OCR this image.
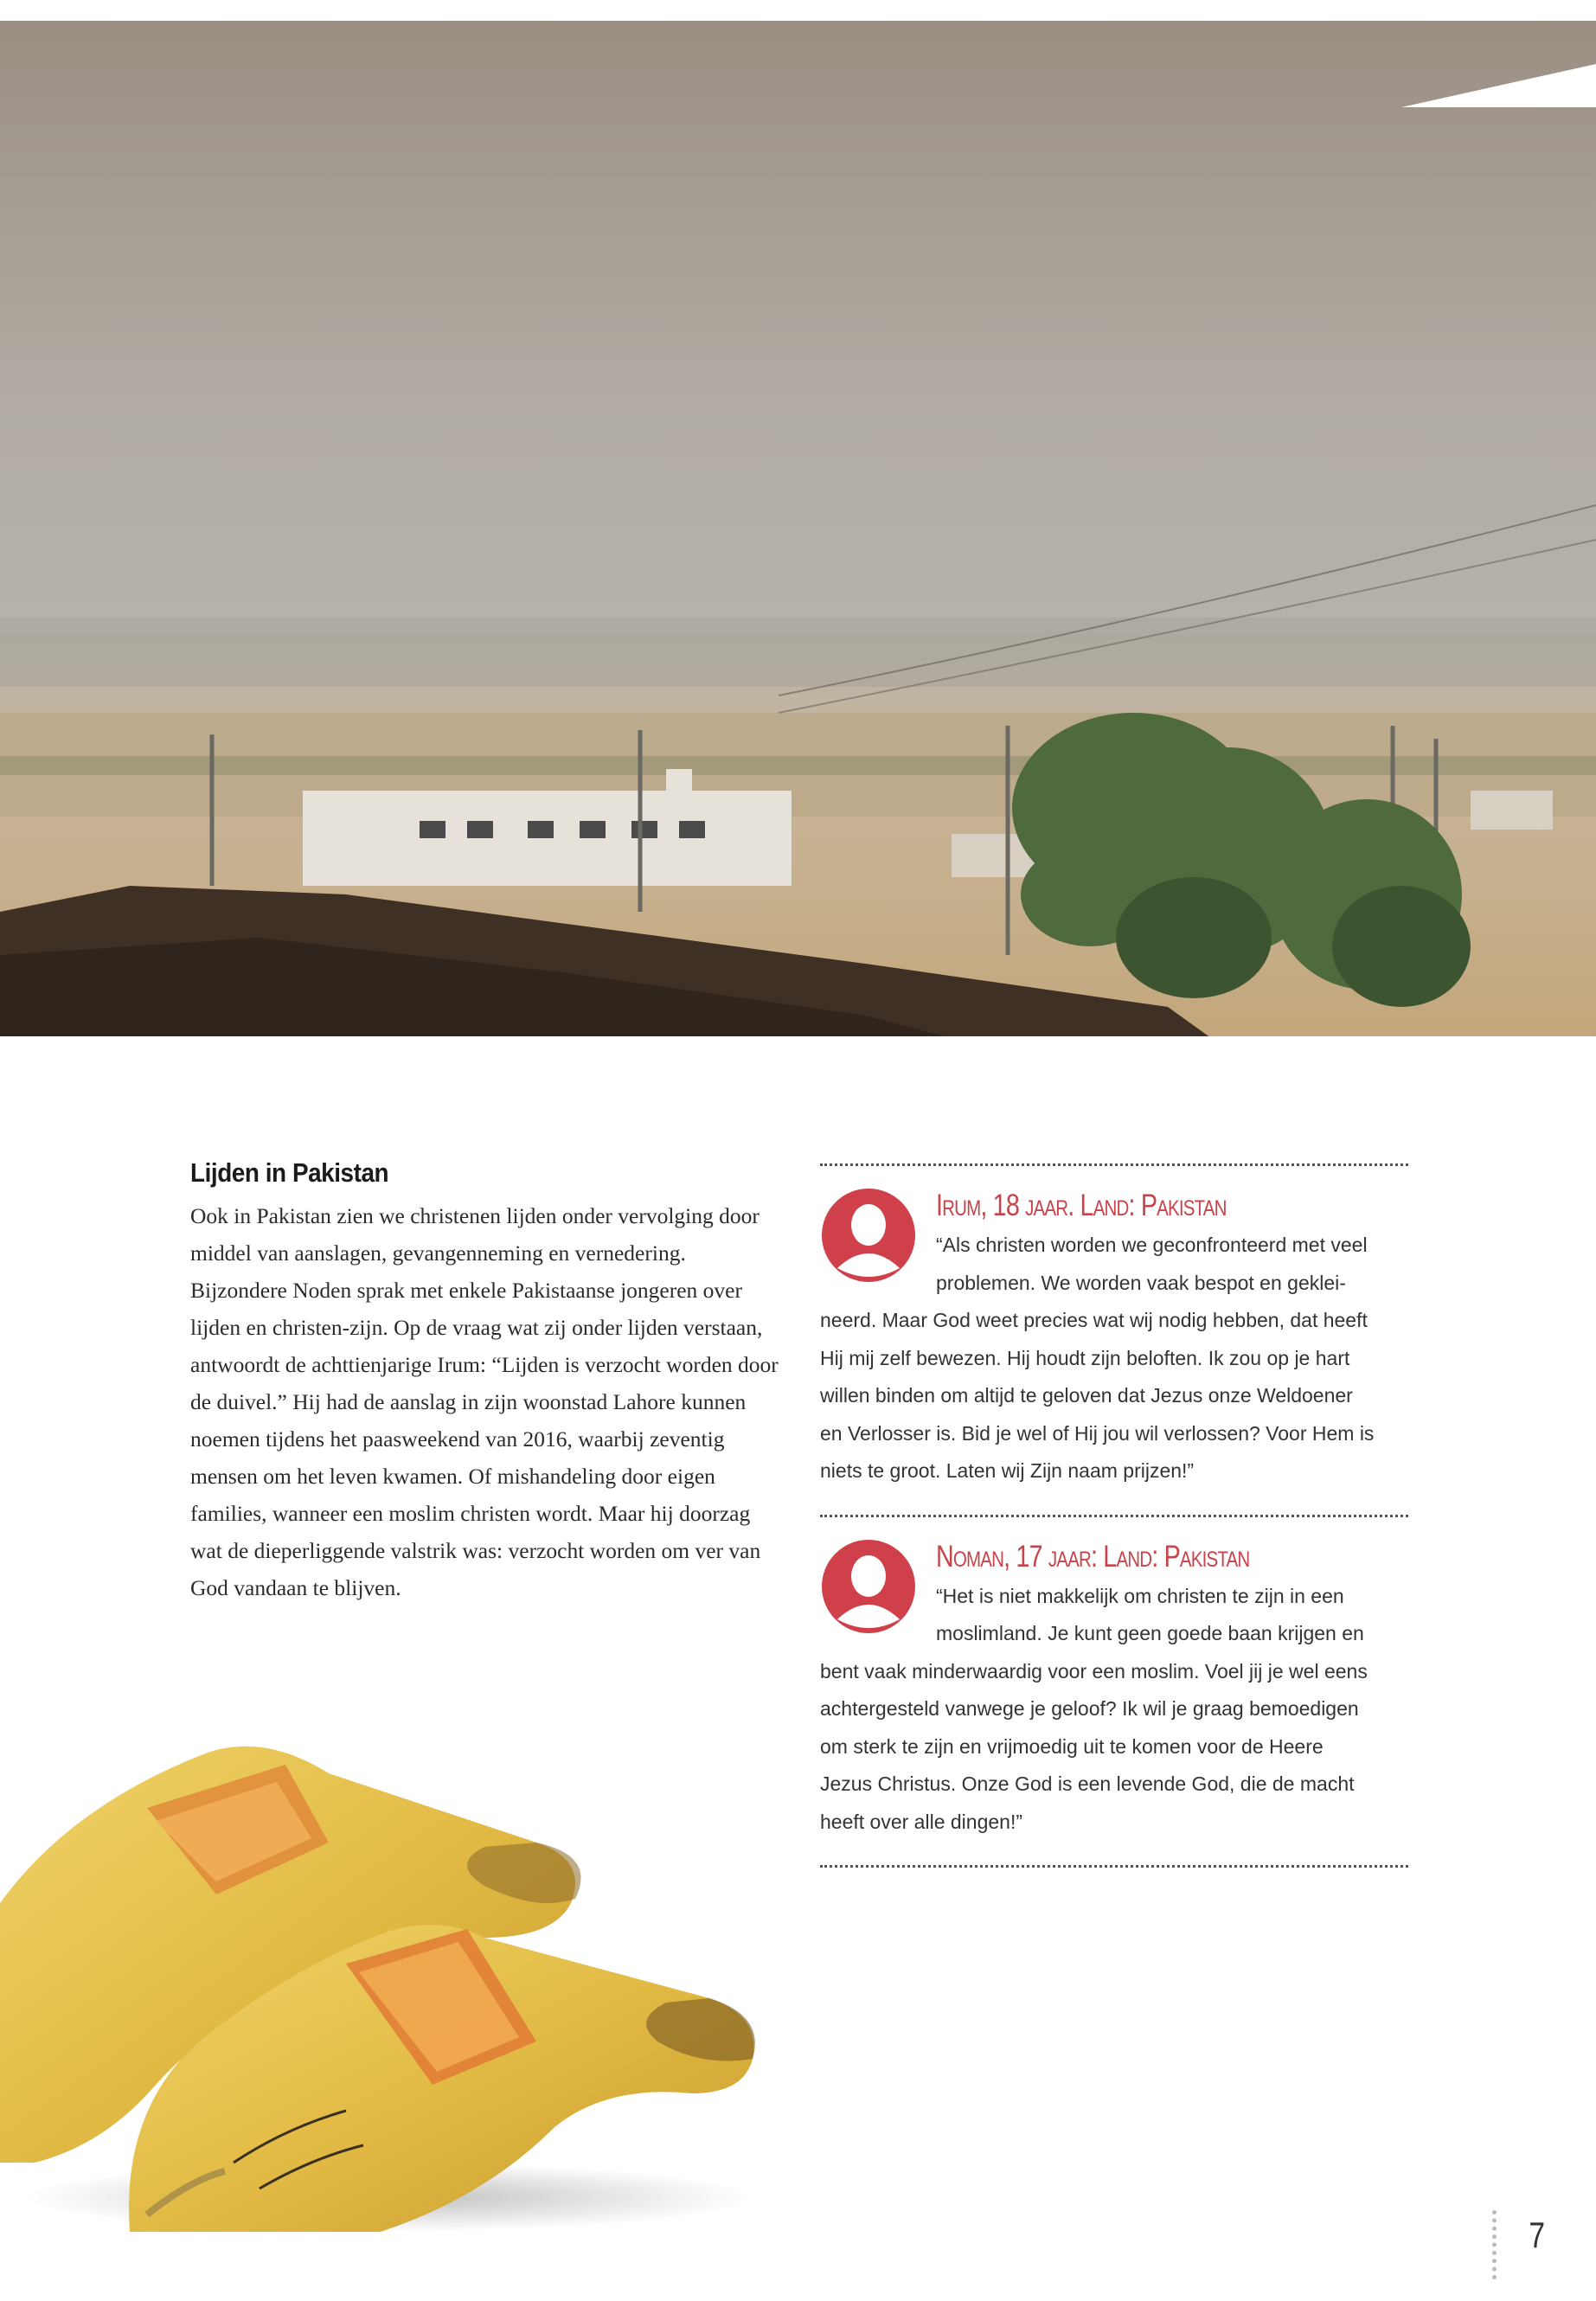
Lijden in Pakistan

Ook in Pakistan zien we christenen lijden onder vervolging door middel van aanslagen, gevangenneming en vernedering. Bijzondere Noden sprak met enkele Pakistaanse jongeren over lijden en christen-zijn. Op de vraag wat zij onder lijden verstaan, antwoordt de achttienjarige Irum: “Lijden is verzocht worden door de duivel.” Hij had de aanslag in zijn woonstad Lahore kunnen noemen tijdens het paasweekend van 2016, waarbij zeventig mensen om het leven kwamen. Of mishandeling door eigen families, wanneer een moslim christen wordt. Maar hij doorzag wat de dieperliggende valstrik was: verzocht worden om ver van God vandaan te blijven.

Irum, 18 jaar. Land: Pakistan
“Als christen worden we geconfronteerd met veel
problemen. We worden vaak bespot en geklei-
neerd. Maar God weet precies wat wij nodig hebben, dat heeft
Hij mij zelf bewezen. Hij houdt zijn beloften. Ik zou op je hart
willen binden om altijd te geloven dat Jezus onze Weldoener
en Verlosser is. Bid je wel of Hij jou wil verlossen? Voor Hem is
niets te groot. Laten wij Zijn naam prijzen!”
Noman, 17 jaar: Land: Pakistan
“Het is niet makkelijk om christen te zijn in een
moslimland. Je kunt geen goede baan krijgen en
bent vaak minderwaardig voor een moslim. Voel jij je wel eens
achtergesteld vanwege je geloof? Ik wil je graag bemoedigen
om sterk te zijn en vrijmoedig uit te komen voor de Heere
Jezus Christus. Onze God is een levende God, die de macht
heeft over alle dingen!”
7
